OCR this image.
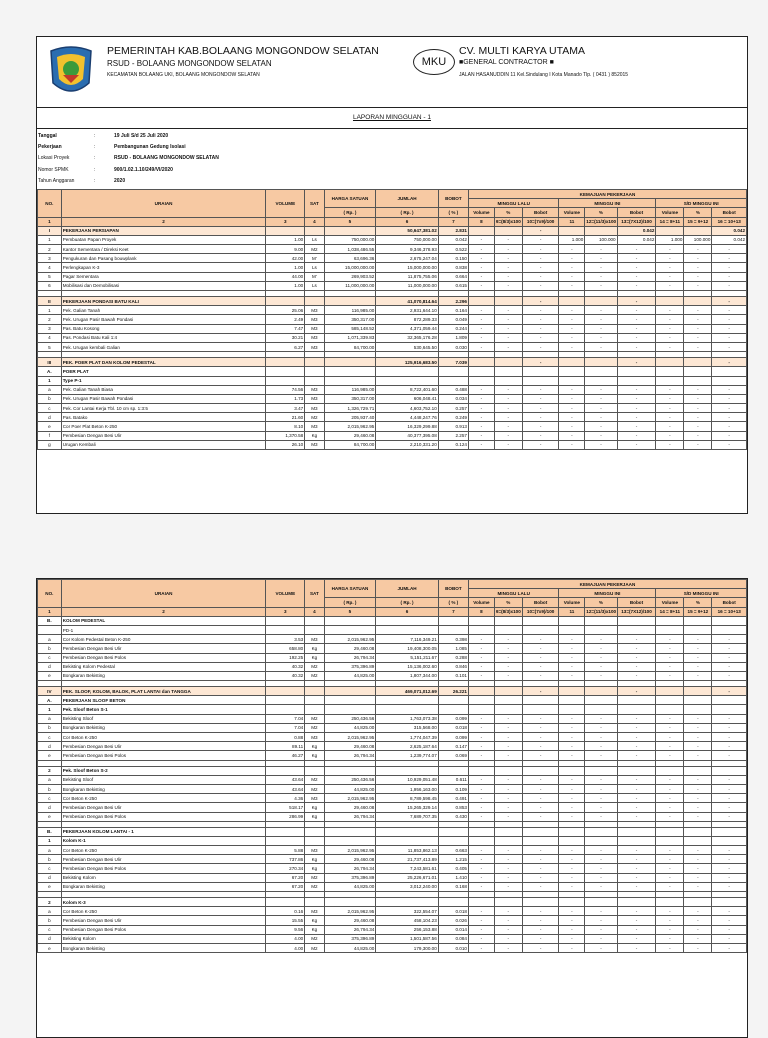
PEMERINTAH KAB.BOLAANG MONGONDOW SELATAN
RSUD - BOLAANG MONGONDOW SELATAN
KECAMATAN BOLAANG UKI, BOLAANG MONGONDOW SELATAN
MKU
CV. MULTI KARYA UTAMA
■GENERAL CONTRACTOR ■
JALAN HASANUDDIN 11 Kel.Sindulang I Kota Manado Tlp. ( 0431 ) 852015
LAPORAN MINGGUAN - 1
Tanggal	:	19 Juli S/d 25 Juli 2020
Pekerjaan	:	Pembangunan Gedung Isolasi
Lokasi Proyek	:	RSUD - BOLAANG MONGONDOW SELATAN
Nomor SPMK	:	900/1.02.1.10/249/VI/2020
Tahun Anggaran	:	2020
NO.	URAIAN	VOLUME	SAT	HARGA SATUAN	JUMLAH	BOBOT	KEMAJUAN PEKERJAAN								
							MINGGU LALU			MINGGU INI			S/D MINGGU INI		
				( Rp. )	( Rp. )	( % )	Volume	%	Bobot	Volume	%	Bobot	Volume	%	Bobot
1	2	3	4	5	6	7	8	9=(8/3)x100	10=(7x9)/100	11	12=(11/3)x100	13=(7X12)/100	14 = 8+11	15 = 9+12	16 = 10+13
I	PEKERJAAN PERSIAPAN				50,647,381.02	2.831			-			0.042			0.042
1	Pembuatan Papan Proyek	1.00	Ls	750,000.00	750,000.00	0.042	-	-	-	1.000	100.000	0.042	1.000	100.000	0.042
2	Kantor Sementara / Direksi Keet	9.00	M2	1,038,486.55	9,346,378.93	0.522	-	-	-	-	-	-	-	-	-
3	Pengukuran dan Pasang bouwplank	42.00	M'	63,696.36	2,675,247.04	0.150	-	-	-	-	-	-	-	-	-
4	Perlengkapan K-3	1.00	Ls	15,000,000.00	15,000,000.00	0.838	-	-	-	-	-	-	-	-	-
5	Pagar Sementara	44.00	M'	269,903.52	11,875,755.06	0.664	-	-	-	-	-	-	-	-	-
6	Mobilisasi dan Demobilisasi	1.00	Ls	11,000,000.00	11,000,000.00	0.615	-	-	-	-	-	-	-	-	-

II	PEKERJAAN PONDASI BATU KALI				41,070,814.64	2.296			-			-			-
1	Pek. Galian Tanah	25.06	M3	116,985.00	2,931,644.10	0.164	-	-	-	-	-	-	-	-	-
2	Pek. Urugan Pasir Bawah Pondasi	2.49	M3	350,317.00	872,289.33	0.049	-	-	-	-	-	-	-	-	-
3	Pas. Batu Kosong	7.47	M3	585,148.52	4,371,059.44	0.244	-	-	-	-	-	-	-	-	-
4	Pas. Pondasi Batu Kali 1:4	30.21	M3	1,071,339.83	32,365,176.28	1.809	-	-	-	-	-	-	-	-	-
5	Pek. Urugan kembali Galian	6.27	M3	84,700.00	530,645.50	0.030	-	-	-	-	-	-	-	-	-

III	PEK. POER PLAT DAN KOLOM PEDESTAL				125,916,683.50	7.039			-			-			-
A.	POER PLAT														
1	Type P-1														
a	Pek. Galian Tanah Biasa	74.56	M3	116,985.00	8,722,401.60	0.488	-	-	-	-	-	-	-	-	-
b	Pek. Urugan Pasir Bawah Pondasi	1.73	M3	350,317.00	606,048.41	0.034	-	-	-	-	-	-	-	-	-
c	Pek. Cor Lantai Kerja Tbl. 10 cm sp. 1:3:5	3.47	M3	1,326,729.71	4,603,752.10	0.257	-	-	-	-	-	-	-	-	-
d	Pas. Batako	21.60	M2	205,937.40	4,448,247.76	0.249	-	-	-	-	-	-	-	-	-
e	Cor Poer Plat Beton K-250	8.10	M3	2,015,962.95	16,329,299.88	0.913	-	-	-	-	-	-	-	-	-
f	Pembesian Dengan Besi Ulir	1,370.58	Kg	29,460.08	40,377,395.08	2.257	-	-	-	-	-	-	-	-	-
g	Urugan Kembali	26.10	M3	84,700.00	2,210,331.20	0.124	-	-	-	-	-	-	-	-	-
NO.	URAIAN	VOLUME	SAT	HARGA SATUAN	JUMLAH	BOBOT	KEMAJUAN PEKERJAAN								
							MINGGU LALU			MINGGU INI			S/D MINGGU INI		
				( Rp. )	( Rp. )	( % )	Volume	%	Bobot	Volume	%	Bobot	Volume	%	Bobot
1	2	3	4	5	6	7	8	9=(8/3)x100	10=(7x9)/100	11	12=(11/3)x100	13=(7X12)/100	14 = 8+11	15 = 9+12	16 = 10+13
B.	KOLOM PEDESTAL														
	PD-1														
a	Cor Kolom Pedestal Beton K-250	3.53	M3	2,015,962.95	7,116,349.21	0.398	-	-	-	-	-	-	-	-	-
b	Pembesian Dengan Besi Ulir	658.80	Kg	29,460.08	19,408,300.05	1.085	-	-	-	-	-	-	-	-	-
c	Pembesian Dengan Besi Polos	192.25	Kg	26,794.34	5,151,211.67	0.288	-	-	-	-	-	-	-	-	-
d	Bekisting Kolom Pedestal	40.32	M2	375,396.89	15,136,002.60	0.846	-	-	-	-	-	-	-	-	-
e	Bongkaran Bekisting	40.32	M2	44,825.00	1,807,344.00	0.101	-	-	-	-	-	-	-	-	-

IV	PEK. SLOOF, KOLOM, BALOK, PLAT LANTAI dan TANGGA				469,071,012.69	26.221			-			-			-
A.	PEKERJAAN SLOOF BETON														
1	Pek. Sloof Beton S-1														
a	Bekisting Sloof	7.04	M2	250,436.56	1,763,073.38	0.099	-	-	-	-	-	-	-	-	-
b	Bongkaran Bekisting	7.04	M2	44,825.00	315,568.00	0.018	-	-	-	-	-	-	-	-	-
c	Cor Beton K-250	0.88	M3	2,015,962.95	1,774,047.39	0.099	-	-	-	-	-	-	-	-	-
d	Pembesian Dengan Besi Ulir	89.11	Kg	29,460.08	2,625,187.64	0.147	-	-	-	-	-	-	-	-	-
e	Pembesian Dengan Besi Polos	46.27	Kg	26,794.34	1,239,774.07	0.069	-	-	-	-	-	-	-	-	-

2	Pek. Sloof Beton S-2														
a	Bekisting Sloof	43.64	M2	250,436.56	10,929,051.48	0.611	-	-	-	-	-	-	-	-	-
b	Bongkaran Bekisting	43.64	M2	44,825.00	1,956,163.00	0.109	-	-	-	-	-	-	-	-	-
c	Cor Beton K-250	4.36	M3	2,015,962.95	8,789,598.45	0.491	-	-	-	-	-	-	-	-	-
d	Pembesian Dengan Besi Ulir	518.17	Kg	29,460.08	15,265,329.14	0.853	-	-	-	-	-	-	-	-	-
e	Pembesian Dengan Besi Polos	286.99	Kg	26,794.34	7,689,707.35	0.430	-	-	-	-	-	-	-	-	-

B.	PEKERJAAN KOLOM LANTAI - 1														
1	Kolom K-1														
a	Cor Beton K-250	5.88	M3	2,015,962.95	11,853,862.13	0.663	-	-	-	-	-	-	-	-	-
b	Pembesian Dengan Besi Ulir	737.86	Kg	29,460.08	21,737,413.89	1.215	-	-	-	-	-	-	-	-	-
c	Pembesian Dengan Besi Polos	270.34	Kg	26,794.34	7,243,581.61	0.405	-	-	-	-	-	-	-	-	-
d	Bekisting Kolom	67.20	M2	375,396.89	25,226,671.01	1.410	-	-	-	-	-	-	-	-	-
e	Bongkaran Bekisting	67.20	M2	44,825.00	3,012,240.00	0.168	-	-	-	-	-	-	-	-	-

2	Kolom K-3														
a	Cor Beton K-250	0.16	M3	2,015,962.95	322,554.07	0.018	-	-	-	-	-	-	-	-	-
b	Pembesian Dengan Besi Ulir	15.55	Kg	29,460.08	458,104.23	0.026	-	-	-	-	-	-	-	-	-
c	Pembesian Dengan Besi Polos	9.56	Kg	26,794.34	256,153.88	0.014	-	-	-	-	-	-	-	-	-
d	Bekisting Kolom	4.00	M2	375,396.89	1,501,587.56	0.084	-	-	-	-	-	-	-	-	-
e	Bongkaran Bekisting	4.00	M2	44,825.00	179,300.00	0.010	-	-	-	-	-	-	-	-	-
